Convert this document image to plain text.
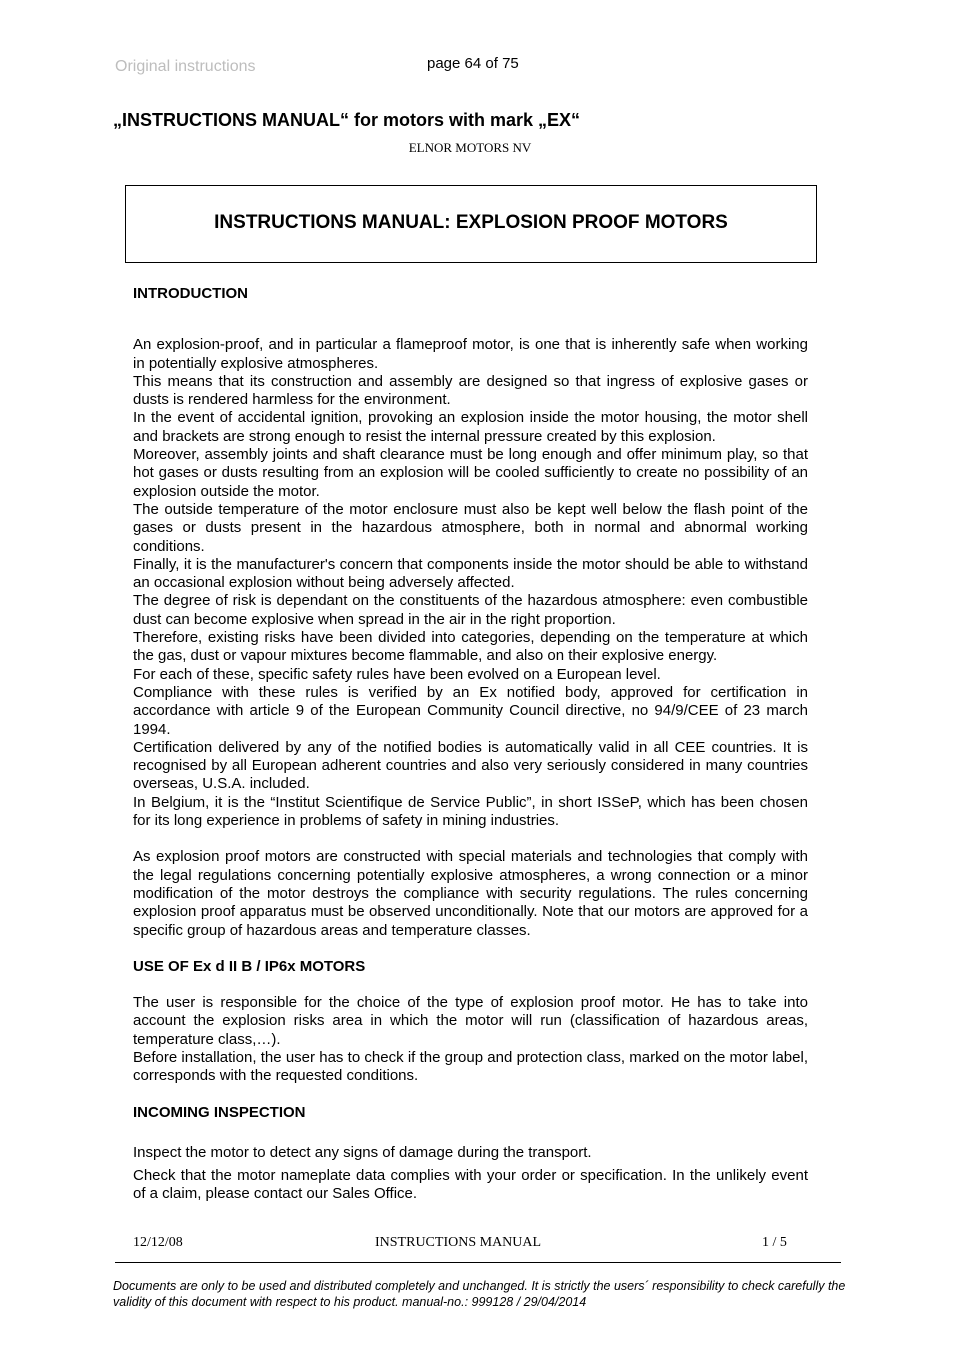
Original instructions	page 64 of 75
„INSTRUCTIONS MANUAL“ for motors with mark „EX“
ELNOR MOTORS NV
INSTRUCTIONS MANUAL: EXPLOSION PROOF MOTORS
INTRODUCTION
An explosion-proof, and in particular a flameproof motor, is one that is inherently safe when working in potentially explosive atmospheres.
This means that its construction and assembly are designed so that ingress of explosive gases or dusts is rendered harmless for the environment.
In the event of accidental ignition, provoking an explosion inside the motor housing, the motor shell and brackets are strong enough to resist the internal pressure created by this explosion.
Moreover, assembly joints and shaft clearance must be long enough and offer minimum play, so that hot gases or dusts resulting from an explosion will be cooled sufficiently to create no possibility of an explosion outside the motor.
The outside temperature of the motor enclosure must also be kept well below the flash point of the gases or dusts present in the hazardous atmosphere, both in normal and abnormal working conditions.
Finally, it is the manufacturer's concern that components inside the motor should be able to withstand an occasional explosion without being adversely affected.
The degree of risk is dependant on the constituents of the hazardous atmosphere: even combustible dust can become explosive when spread in the air in the right proportion.
Therefore, existing risks have been divided into categories, depending on the temperature at which the gas, dust or vapour mixtures become flammable, and also on their explosive energy.
For each of these, specific safety rules have been evolved on a European level.
Compliance with these rules is verified by an Ex notified body, approved for certification in accordance with article 9 of the European Community Council directive, no 94/9/CEE of 23 march 1994.
Certification delivered by any of the notified bodies is automatically valid in all CEE countries. It is recognised by all European adherent countries and also very seriously considered in many countries overseas, U.S.A. included.
In Belgium, it is the “Institut Scientifique de Service Public”, in short ISSeP, which has been chosen for its long experience in problems of safety in mining industries.
As explosion proof motors are constructed with special materials and technologies that comply with the legal regulations concerning potentially explosive atmospheres, a wrong connection or a minor modification of the motor destroys the compliance with security regulations. The rules concerning explosion proof apparatus must be observed unconditionally. Note that our motors are approved for a specific group of hazardous areas and temperature classes.
USE OF Ex d II B / IP6x MOTORS
The user is responsible for the choice of the type of explosion proof motor. He has to take into account the explosion risks area in which the motor will run (classification of hazardous areas, temperature class,…).
Before installation, the user has to check if the group and protection class, marked on the motor label, corresponds with the requested conditions.
INCOMING INSPECTION
Inspect the motor to detect any signs of damage during the transport.
Check that the motor nameplate data complies with your order or specification. In the unlikely event of a claim, please contact our Sales Office.
12/12/08	INSTRUCTIONS MANUAL	1 / 5
Documents are only to be used and distributed completely and unchanged. It is strictly the users´ responsibility to check carefully the validity of this document with respect to his product. manual-no.: 999128 / 29/04/2014
